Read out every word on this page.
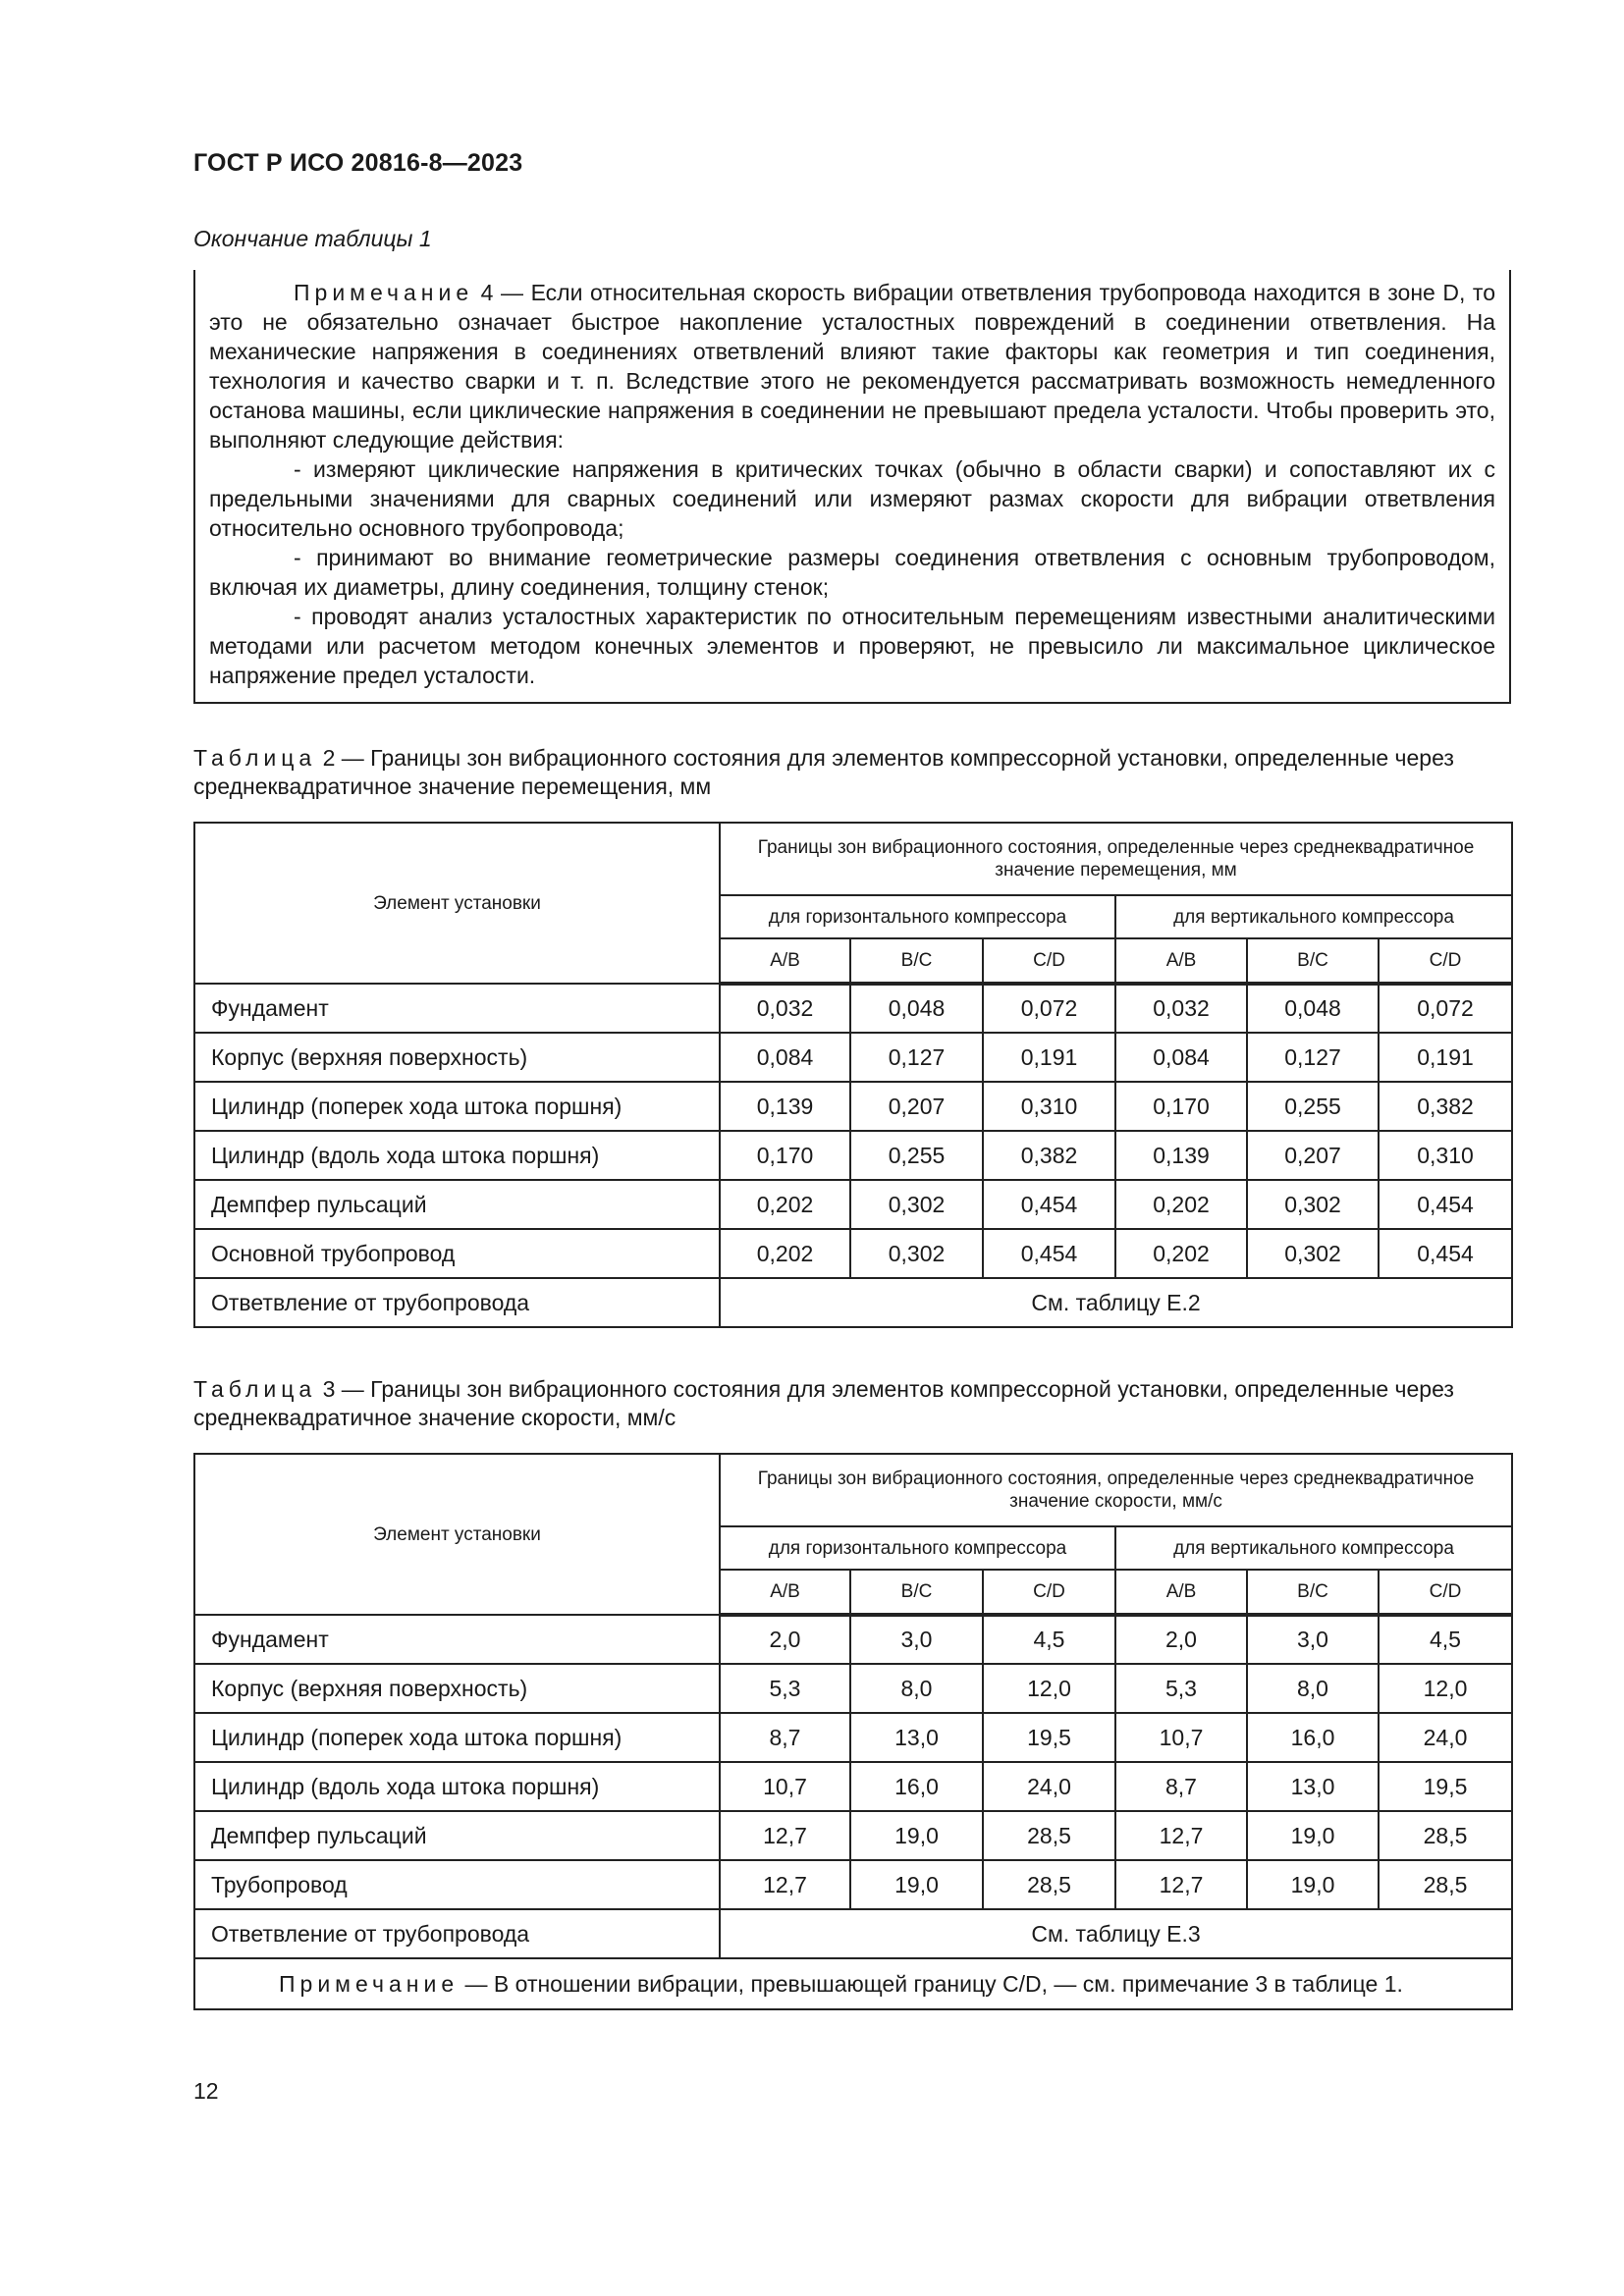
ГОСТ Р ИСО 20816-8—2023
Окончание таблицы 1

Примечание 4 — Если относительная скорость вибрации ответвления трубопровода находится в зоне D, то это не обязательно означает быстрое накопление усталостных повреждений в соединении ответвления. На механические напряжения в соединениях ответвлений влияют такие факторы как геометрия и тип соединения, технология и качество сварки и т. п. Вследствие этого не рекомендуется рассматривать возможность немедленного останова машины, если циклические напряжения в соединении не превышают предела усталости. Чтобы проверить это, выполняют следующие действия:

- измеряют циклические напряжения в критических точках (обычно в области сварки) и сопоставляют их с предельными значениями для сварных соединений или измеряют размах скорости для вибрации ответвления относительно основного трубопровода;

- принимают во внимание геометрические размеры соединения ответвления с основным трубопроводом, включая их диаметры, длину соединения, толщину стенок;

- проводят анализ усталостных характеристик по относительным перемещениям известными аналитическими методами или расчетом методом конечных элементов и проверяют, не превысило ли максимальное циклическое напряжение предел усталости.

Таблица 2 — Границы зон вибрационного состояния для элементов компрессорной установки, определенные через среднеквадратичное значение перемещения, мм
Элемент установки	Границы зон вибрационного состояния, определенные через среднеквадратичное значение перемещения, мм					
	для горизонтального компрессора			для вертикального компрессора		
	A/B	B/C	C/D	A/B	B/C	C/D
Фундамент	0,032	0,048	0,072	0,032	0,048	0,072
Корпус (верхняя поверхность)	0,084	0,127	0,191	0,084	0,127	0,191
Цилиндр (поперек хода штока поршня)	0,139	0,207	0,310	0,170	0,255	0,382
Цилиндр (вдоль хода штока поршня)	0,170	0,255	0,382	0,139	0,207	0,310
Демпфер пульсаций	0,202	0,302	0,454	0,202	0,302	0,454
Основной трубопровод	0,202	0,302	0,454	0,202	0,302	0,454
Ответвление от трубопровода	См. таблицу Е.2					
Таблица 3 — Границы зон вибрационного состояния для элементов компрессорной установки, определенные через среднеквадратичное значение скорости, мм/с
Элемент установки	Границы зон вибрационного состояния, определенные через среднеквадратичное значение скорости, мм/с					
	для горизонтального компрессора			для вертикального компрессора		
	A/B	B/C	C/D	A/B	B/C	C/D
Фундамент	2,0	3,0	4,5	2,0	3,0	4,5
Корпус (верхняя поверхность)	5,3	8,0	12,0	5,3	8,0	12,0
Цилиндр (поперек хода штока поршня)	8,7	13,0	19,5	10,7	16,0	24,0
Цилиндр (вдоль хода штока поршня)	10,7	16,0	24,0	8,7	13,0	19,5
Демпфер пульсаций	12,7	19,0	28,5	12,7	19,0	28,5
Трубопровод	12,7	19,0	28,5	12,7	19,0	28,5
Ответвление от трубопровода	См. таблицу Е.3					
Примечание — В отношении вибрации, превышающей границу C/D, — см. примечание 3 в таблице 1.						
12
